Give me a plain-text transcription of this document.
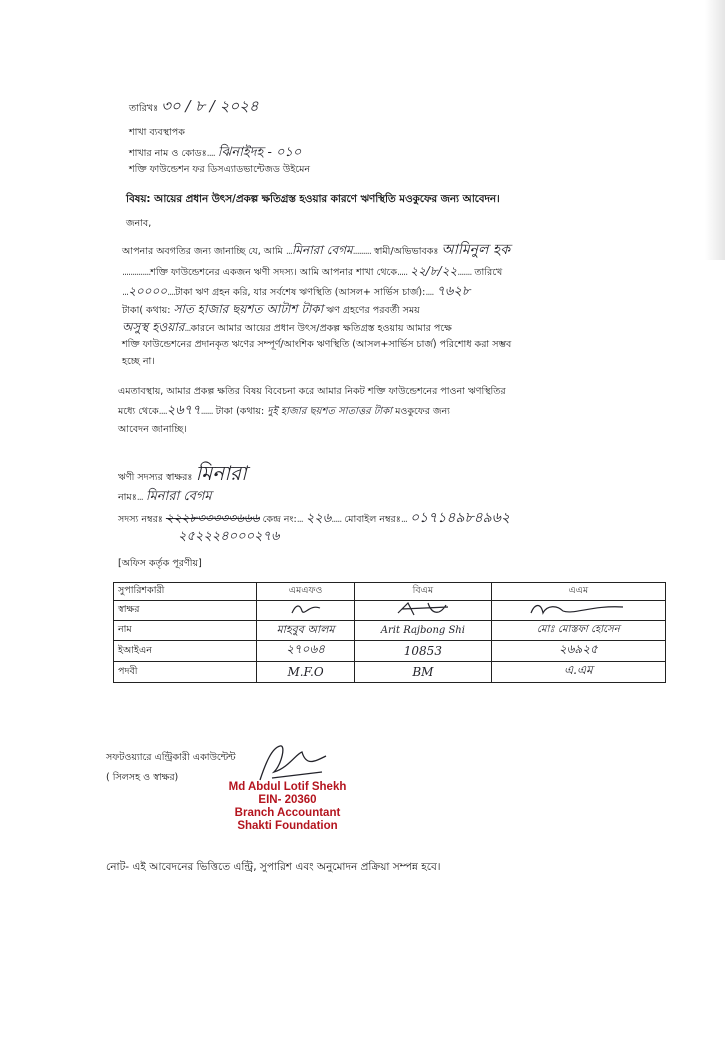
তারিখঃ ৩০ / ৮ / ২০২৪
শাখা ব্যবস্থাপক
শাখার নাম ও কোডঃ.... ঝিনাইদহ - ০১০
শক্তি ফাউন্ডেশন ফর ডিসএ্যাডভান্টেজড উইমেন
বিষয়: আয়ের প্রধান উৎস/প্রকল্প ক্ষতিগ্রস্ত হওয়ার কারণে ঋণস্থিতি মওকুফের জন্য আবেদন।
জনাব,
আপনার অবগতির জন্য জানাচ্ছি যে, আমি ...মিনারা বেগম......... স্বামী/অভিভাবকঃ আমিনুল হক
..............শক্তি ফাউন্ডেশনের একজন ঋণী সদস্য। আমি আপনার শাখা থেকে..... ২২/৮/২২....... তারিখে
...২০০০০....টাকা ঋণ গ্রহন করি, যার সর্বশেষ ঋণস্থিতি (আসল+ সার্ভিস চার্জ):.... ৭৬২৮
টাকা( কথায়: সাত হাজার ছয়শত আটাশ টাকা ঋণ গ্রহণের পরবর্তী সময়
অসুস্থ হওয়ার...কারনে আমার আয়ের প্রধান উৎস/প্রকল্প ক্ষতিগ্রস্ত হওয়ায় আমার পক্ষে
শক্তি ফাউন্ডেশনের প্রদানকৃত ঋণের সম্পূর্ণ/আংশিক ঋণস্থিতি (আসল+সার্ভিস চার্জ) পরিশোধ করা সম্ভব
হচ্ছে না।
এমতাবস্থায়, আমার প্রকল্প ক্ষতির বিষয় বিবেচনা করে আমার নিকট শক্তি ফাউন্ডেশনের পাওনা ঋণস্থিতির
মধ্যে থেকে....২৬৭৭...... টাকা (কথায়: দুই হাজার ছয়শত সাতাত্তর টাকা মওকুফের জন্য
আবেদন জানাচ্ছি।
ঋণী সদস্যর স্বাক্ষরঃ মিনারা
নামঃ... মিনারা বেগম
সদস্য নম্বরঃ ২২২৮৩৩৩৩৩৬৬৬ কেন্দ্র নং:... ২২৬..... মোবাইল নম্বরঃ... ০১৭১৪৯৮৪৯৬২
২৫২২২৪০০০২৭৬
[অফিস কর্তৃক পূরণীয়]
সুপারিশকারী	এমএফও	বিএম	এএম
স্বাক্ষর			
নাম	মাহবুব আলম	Arit Rajbong Shi	মোঃ মোস্তফা হোসেন
ইআইএন	২৭০৬৪	10853	২৬৯২৫
পদবী	M.F.O	BM	এ.এম
সফটওয়্যারে এন্ট্রিকারী একাউন্টেন্ট
( সিলসহ ও স্বাক্ষর)
Md Abdul Lotif Shekh
EIN- 20360
Branch Accountant
Shakti Foundation
নোট- এই আবেদনের ভিত্তিতে এন্ট্রি, সুপারিশ এবং অনুমোদন প্রক্রিয়া সম্পন্ন হবে।
